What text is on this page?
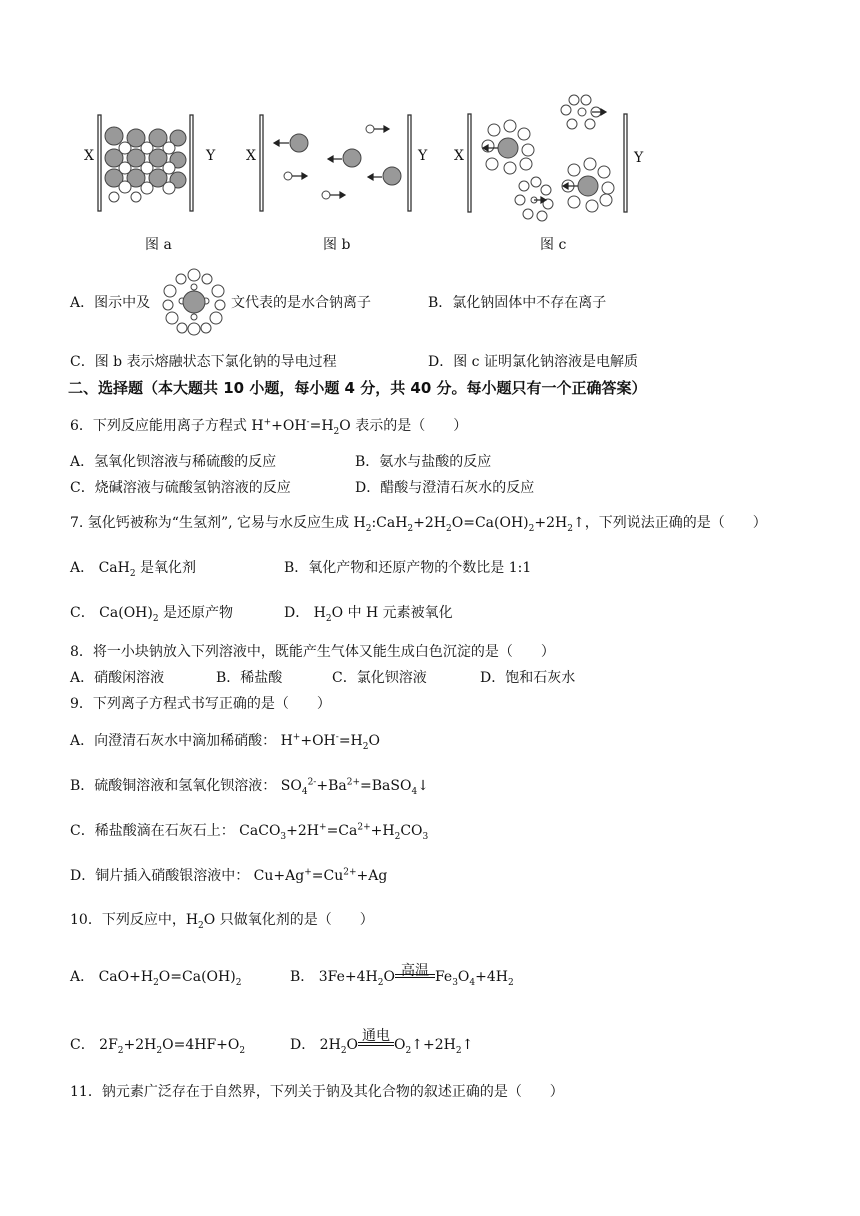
X	Y
图 a
X	Y
图 b
X	Y
图 c
A．图示中及	文代表的是水合钠离子	B．氯化钠固体中不存在离子
C．图 b 表示熔融状态下氯化钠的导电过程	D．图 c 证明氯化钠溶液是电解质
二、选择题（本大题共 10 小题，每小题 4 分，共 40 分。每小题只有一个正确答案）
6．下列反应能用离子方程式 $H^++OH^-=H_2O$ 表示的是（　　）
A．氢氧化钡溶液与稀硫酸的反应	B．氨水与盐酸的反应
C．烧碱溶液与硫酸氢钠溶液的反应	D．醋酸与澄清石灰水的反应
7. 氢化钙被称为“生氢剂”, 它易与水反应生成 $H_2:CaH_2+2H_2O=Ca(OH)_2+2H_2↑$，下列说法正确的是（　　）
A． CaH$_2$ 是氧化剂	B．氧化产物和还原产物的个数比是 1:1
C． $Ca(OH)_2$ 是还原产物	D． $H_2O$ 中 H 元素被氧化
8．将一小块钠放入下列溶液中，既能产生气体又能生成白色沉淀的是（　　）
A．硝酸闲溶液	B．稀盐酸	C．氯化钡溶液	D．饱和石灰水
9．下列离子方程式书写正确的是（　　）
A．向澄清石灰水中滴加稀硝酸： $H^++OH^-=H_2O$
B．硫酸铜溶液和氢氧化钡溶液： $SO_4^{2-}+Ba^{2+}=BaSO_4↓$
C．稀盐酸滴在石灰石上： $CaCO_3+2H^+=Ca^{2+}+H_2CO_3$
D．铜片插入硝酸银溶液中： $Cu+Ag^+=Cu^{2+}+Ag$
10．下列反应中，$H_2O$ 只做氧化剂的是（　　）
A． $CaO+H_2O=Ca(OH)_2$	B． $3Fe+4H_2O$ 高温 $Fe_3O_4+4H_2$
C． $2F_2+2H_2O=4HF+O_2$	D． $2H_2O$
通电
$O_2↑+2H_2↑$
11．钠元素广泛存在于自然界，下列关于钠及其化合物的叙述正确的是（　　）
